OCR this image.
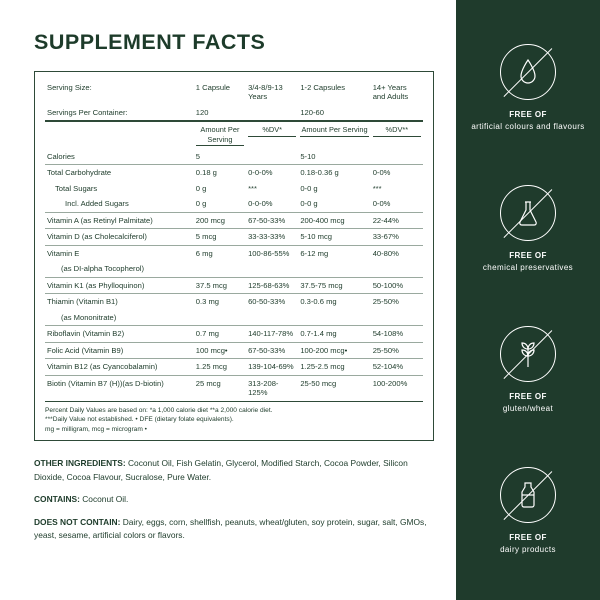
SUPPLEMENT FACTS
Serving Size:	1 Capsule	3/4-8/9-13 Years	1-2 Capsules	14+ Years and Adults
Servings Per Container:	120		120-60	

	Amount Per Serving	%DV*	Amount Per Serving	%DV**

Calories	5		5-10	
Total Carbohydrate	0.18 g	0-0-0%	0.18-0.36 g	0-0%
Total Sugars	0 g	***	0-0 g	***
Incl. Added Sugars	0 g	0-0-0%	0-0 g	0-0%
Vitamin A (as Retinyl Palmitate)	200 mcg	67-50-33%	200-400 mcg	22-44%
Vitamin D (as Cholecalciferol)	5 mcg	33-33-33%	5-10 mcg	33-67%
Vitamin E	6 mg	100-86-55%	6-12 mg	40-80%
(as DI-alpha Tocopherol)				
Vitamin K1 (as Phylloquinon)	37.5 mcg	125-68-63%	37.5-75 mcg	50-100%
Thiamin (Vitamin B1)	0.3 mg	60-50-33%	0.3-0.6 mg	25-50%
(as Mononitrate)				
Riboflavin (Vitamin B2)	0.7 mg	140-117-78%	0.7-1.4 mg	54-108%
Folic Acid (Vitamin B9)	100 mcg•	67-50-33%	100-200 mcg•	25-50%
Vitamin B12 (as Cyancobalamin)	1.25 mcg	139-104-69%	1.25-2.5 mcg	52-104%
Biotin (Vitamin B7 (H))(as D-biotin)	25 mcg	313-208-125%	25-50 mcg	100-200%
Percent Daily Values are based on: *a 1,000 calorie diet **a 2,000 calorie diet.
***Daily Value not established. • DFE (dietary folate equivalents).
mg = milligram, mcg = microgram •

OTHER INGREDIENTS: Coconut Oil, Fish Gelatin, Glycerol, Modified Starch, Cocoa Powder, Silicon Dioxide, Cocoa Flavour, Sucralose, Pure Water.

CONTAINS: Coconut Oil.

DOES NOT CONTAIN: Dairy, eggs, corn, shellfish, peanuts, wheat/gluten, soy protein, sugar, salt, GMOs, yeast, sesame, artificial colors or flavors.

FREE OF
artificial colours and flavours
FREE OF
chemical preservatives
FREE OF
gluten/wheat
FREE OF
dairy products
